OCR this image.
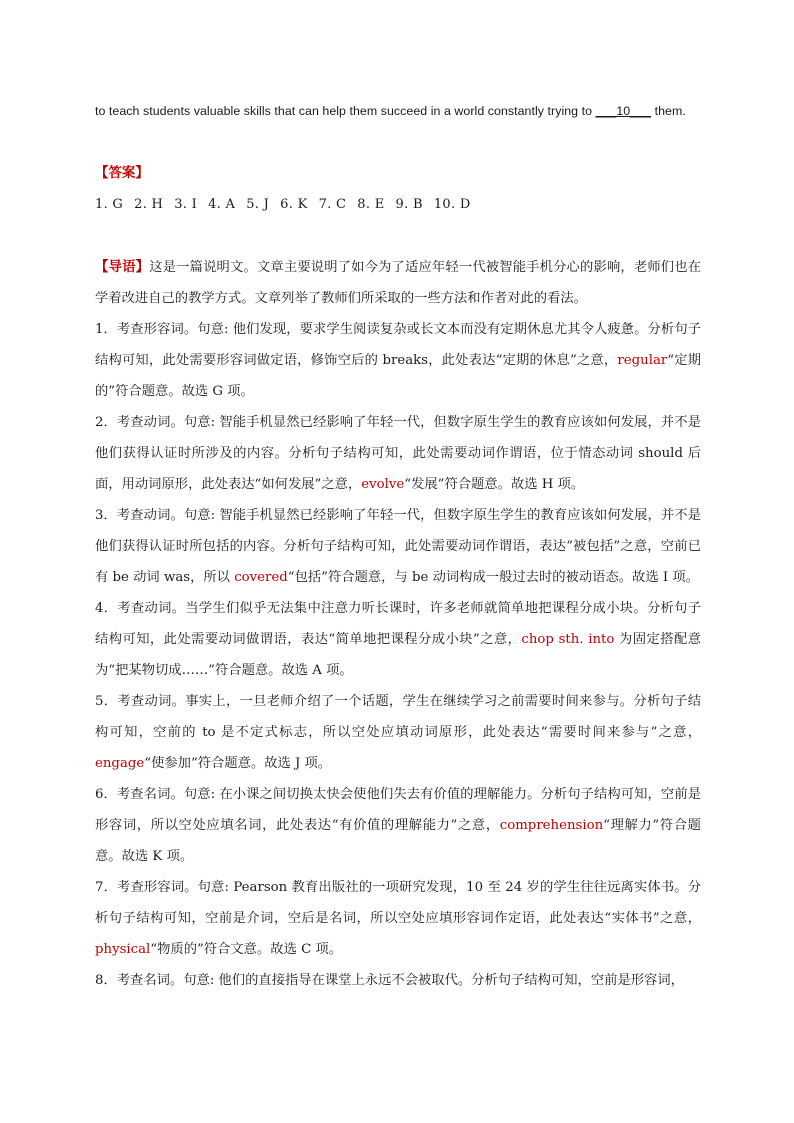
to teach students valuable skills that can help them succeed in a world constantly trying to ___10___ them.
【答案】
1. G 2. H 3. I 4. A 5. J 6. K 7. C 8. E 9. B 10. D

【导语】这是一篇说明文。文章主要说明了如今为了适应年轻一代被智能手机分心的影响，老师们也在学着改进自己的教学方式。文章列举了教师们所采取的一些方法和作者对此的看法。

1．考查形容词。句意: 他们发现，要求学生阅读复杂或长文本而没有定期休息尤其令人疲惫。分析句子结构可知，此处需要形容词做定语，修饰空后的 breaks，此处表达“定期的休息”之意，regular“定期的”符合题意。故选 G 项。

2．考查动词。句意: 智能手机显然已经影响了年轻一代，但数字原生学生的教育应该如何发展，并不是他们获得认证时所涉及的内容。分析句子结构可知，此处需要动词作谓语，位于情态动词 should 后面，用动词原形，此处表达“如何发展”之意，evolve“发展”符合题意。故选 H 项。

3．考查动词。句意: 智能手机显然已经影响了年轻一代，但数字原生学生的教育应该如何发展，并不是他们获得认证时所包括的内容。分析句子结构可知，此处需要动词作谓语，表达“被包括”之意，空前已有 be 动词 was，所以 covered“包括”符合题意，与 be 动词构成一般过去时的被动语态。故选 I 项。

4．考查动词。当学生们似乎无法集中注意力听长课时，许多老师就简单地把课程分成小块。分析句子结构可知，此处需要动词做谓语，表达“简单地把课程分成小块”之意，chop sth. into 为固定搭配意为“把某物切成……”符合题意。故选 A 项。

5．考查动词。事实上，一旦老师介绍了一个话题，学生在继续学习之前需要时间来参与。分析句子结构可知，空前的 to 是不定式标志，所以空处应填动词原形，此处表达“需要时间来参与”之意，engage“使参加”符合题意。故选 J 项。

6．考查名词。句意: 在小课之间切换太快会使他们失去有价值的理解能力。分析句子结构可知，空前是形容词，所以空处应填名词，此处表达“有价值的理解能力”之意，comprehension“理解力”符合题意。故选 K 项。

7．考查形容词。句意: Pearson 教育出版社的一项研究发现，10 至 24 岁的学生往往远离实体书。分析句子结构可知，空前是介词，空后是名词，所以空处应填形容词作定语，此处表达“实体书”之意，physical“物质的”符合文意。故选 C 项。

8．考查名词。句意: 他们的直接指导在课堂上永远不会被取代。分析句子结构可知，空前是形容词，
